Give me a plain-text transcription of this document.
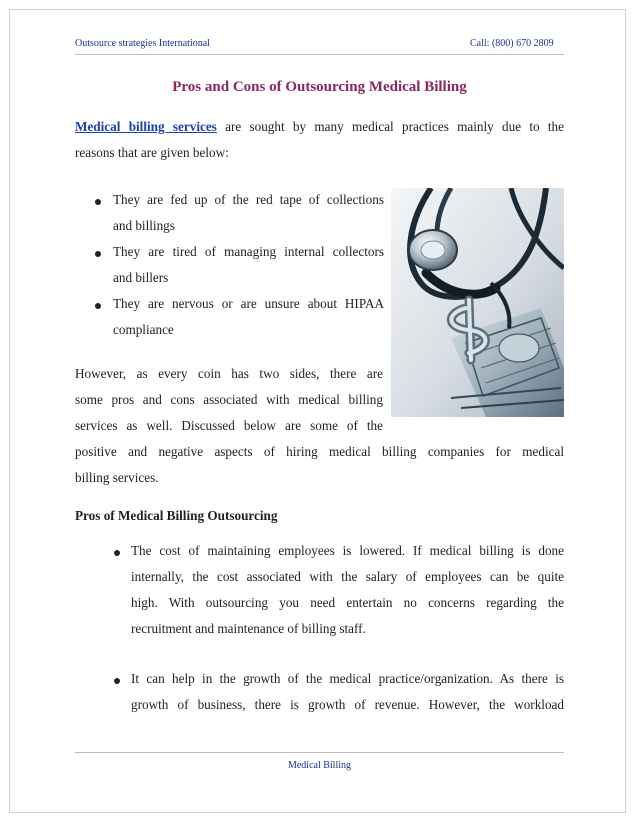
Outsource strategies International	Call: (800) 670 2809
Pros and Cons of Outsourcing Medical Billing
Medical billing services are sought by many medical practices mainly due to the
reasons that are given below:
They are fed up of the red tape of collections
and billings
They are tired of managing internal collectors
and billers
They are nervous or are unsure about HIPAA
compliance
However, as every coin has two sides, there are
some pros and cons associated with medical billing
services as well. Discussed below are some of the
positive and negative aspects of hiring medical billing companies for medical
billing services.
Pros of Medical Billing Outsourcing
The cost of maintaining employees is lowered. If medical billing is done
internally, the cost associated with the salary of employees can be quite
high. With outsourcing you need entertain no concerns regarding the
recruitment and maintenance of billing staff.
It can help in the growth of the medical practice/organization. As there is
growth of business, there is growth of revenue. However, the workload
Medical Billing
